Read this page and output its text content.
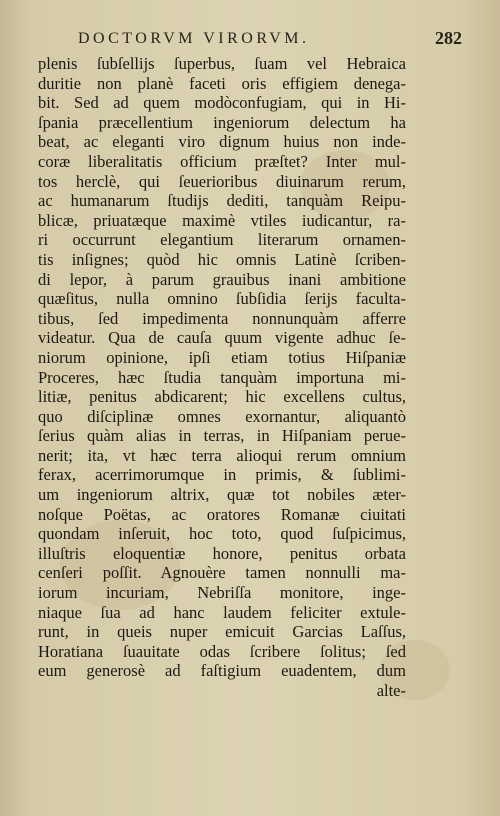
DOCTORVM VIRORVM.	282
plenis ſubſellijs ſuperbus, ſuam vel Hebraica
duritie non planè faceti oris effigiem denega-
bit. Sed ad quem modòconfugiam, qui in Hi-
ſpania præcellentium ingeniorum delectum ha
beat, ac eleganti viro dignum huius non inde-
coræ liberalitatis officium præſtet? Inter mul-
tos herclè, qui ſeuerioribus diuinarum rerum,
ac humanarum ſtudijs dediti, tanquàm Reipu-
blicæ, priuatæque maximè vtiles iudicantur, ra-
ri occurrunt elegantium literarum ornamen-
tis inſignes; quòd hic omnis Latinè ſcriben-
di lepor, à parum grauibus inani ambitione
quæſitus, nulla omnino ſubſidia ſerijs faculta-
tibus, ſed impedimenta nonnunquàm afferre
videatur. Qua de cauſa quum vigente adhuc ſe-
niorum opinione, ipſi etiam totius Hiſpaniæ
Proceres, hæc ſtudia tanquàm importuna mi-
litiæ, penitus abdicarent; hic excellens cultus,
quo diſciplinæ omnes exornantur, aliquantò
ſerius quàm alias in terras, in Hiſpaniam perue-
nerit; ita, vt hæc terra alioqui rerum omnium
ferax, acerrimorumque in primis, & ſublimi-
um ingeniorum altrix, quæ tot nobiles æter-
noſque Poëtas, ac oratores Romanæ ciuitati
quondam inſeruit, hoc toto, quod ſuſpicimus,
illuſtris eloquentiæ honore, penitus orbata
cenſeri poſſit. Agnouère tamen nonnulli ma-
iorum incuriam, Nebriſſa monitore, inge-
niaque ſua ad hanc laudem feliciter extule-
runt, in queis nuper emicuit Garcias Laſſus,
Horatiana ſuauitate odas ſcribere ſolitus; ſed
eum generosè ad faſtigium euadentem, dum
alte-
